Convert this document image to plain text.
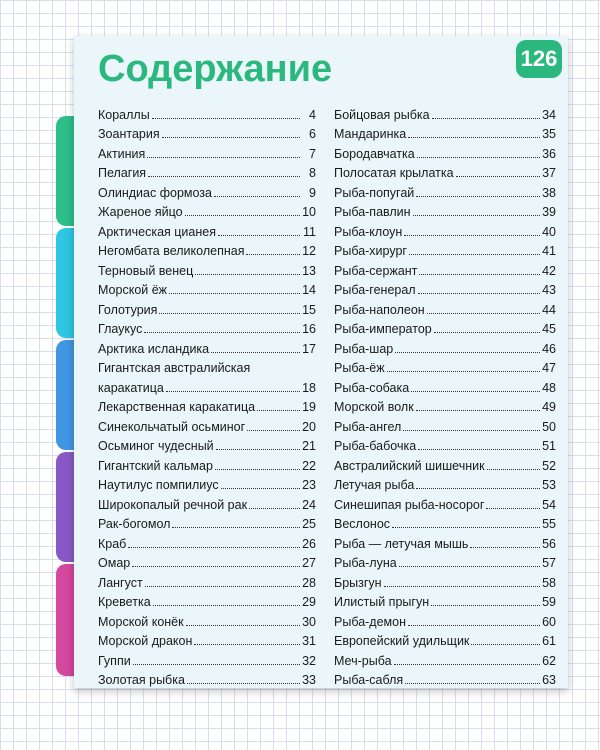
126
Содержание
Кораллы	4
Зоантария	6
Актиния	7
Пелагия	8
Олиндиас формоза	9
Жареное яйцо	10
Арктическая цианея	11
Негомбата великолепная	12
Терновый венец	13
Морской ёж	14
Голотурия	15
Глаукус	16
Арктика исландика	17
Гигантская австралийская
каракатица	18
Лекарственная каракатица	19
Синекольчатый осьминог	20
Осьминог чудесный	21
Гигантский кальмар	22
Наутилус помпилиус	23
Широкопалый речной рак	24
Рак-богомол	25
Краб	26
Омар	27
Лангуст	28
Креветка	29
Морской конёк	30
Морской дракон	31
Гуппи	32
Золотая рыбка	33
Бойцовая рыбка	34
Мандаринка	35
Бородавчатка	36
Полосатая крылатка	37
Рыба-попугай	38
Рыба-павлин	39
Рыба-клоун	40
Рыба-хирург	41
Рыба-сержант	42
Рыба-генерал	43
Рыба-наполеон	44
Рыба-император	45
Рыба-шар	46
Рыба-ёж	47
Рыба-собака	48
Морской волк	49
Рыба-ангел	50
Рыба-бабочка	51
Австралийский шишечник	52
Летучая рыба	53
Синешипая рыба-носорог	54
Веслонос	55
Рыба — летучая мышь	56
Рыба-луна	57
Брызгун	58
Илистый прыгун	59
Рыба-демон	60
Европейский удильщик	61
Меч-рыба	62
Рыба-сабля	63
